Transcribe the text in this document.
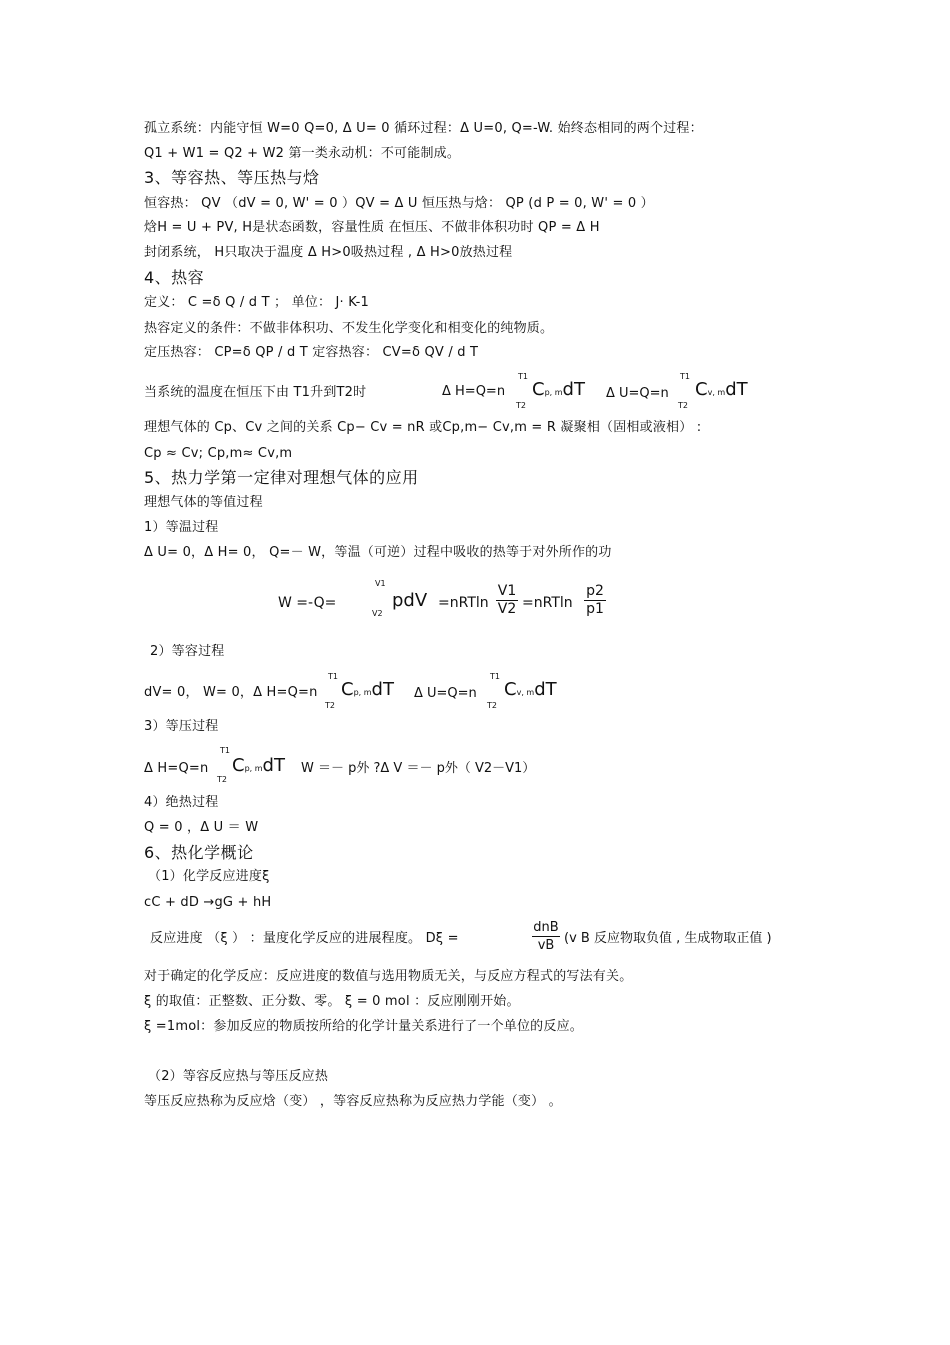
孤立系统：内能守恒 W=0 Q=0, Δ U= 0 循环过程：Δ U=0, Q=-W. 始终态相同的两个过程：
Q1 + W1 = Q2 + W2 第一类永动机：不可能制成。
3、等容热、等压热与焓
恒容热： QV （dV = 0, W' = 0 ）QV = Δ U 恒压热与焓： QP (d P = 0, W' = 0 ）
焓H = U + PV, H是状态函数，容量性质 在恒压、不做非体积功时 QP = Δ H
封闭系统， H只取决于温度 Δ H>0吸热过程 , Δ H>0放热过程
4、热容
定义： C =δ Q / d T ； 单位： J· K-1
热容定义的条件：不做非体积功、不发生化学变化和相变化的纯物质。
定压热容： CP=δ QP / d T 定容热容： CV=δ QV / d T
当系统的温度在恒压下由 T1升到T2时	Δ H=Q=n
T1
T2
Cp, mdT Δ U=Q=n
T1
T2
Cv, mdT
理想气体的 Cp、Cv 之间的关系 Cp− Cv = nR 或Cp,m− Cv,m = R 凝聚相（固相或液相） :
Cp ≈ Cv; Cp,m≈ Cv,m
5、热力学第一定律对理想气体的应用
理想气体的等值过程
1）等温过程
Δ U= 0，Δ H= 0， Q=－ W，等温（可逆）过程中吸收的热等于对外所作的功
W =-Q=
V1
V2
pdV =nRTln
V1
V2 =nRTln
p2
p1
2）等容过程
dV= 0， W= 0，Δ H=Q=n
T1
T2
Cp, mdT Δ U=Q=n
T1
T2
Cv, mdT
3）等压过程
Δ H=Q=n
T1
T2
Cp, mdT W ＝－ p外 ?Δ V ＝－ p外（ V2－V1）
4）绝热过程
Q = 0 ，Δ U ＝ W
6、热化学概论
（1）化学反应进度ξ
cC + dD →gG + hH
反应进度 （ξ ） ：量度化学反应的进展程度。 Dξ =
dnB
vB (v B 反应物取负值 , 生成物取正值 )
对于确定的化学反应：反应进度的数值与选用物质无关，与反应方程式的写法有关。
ξ 的取值：正整数、正分数、零。 ξ = 0 mol ：反应刚刚开始。
ξ =1mol：参加反应的物质按所给的化学计量关系进行了一个单位的反应。
（2）等容反应热与等压反应热
等压反应热称为反应焓（变） ，等容反应热称为反应热力学能（变） 。
